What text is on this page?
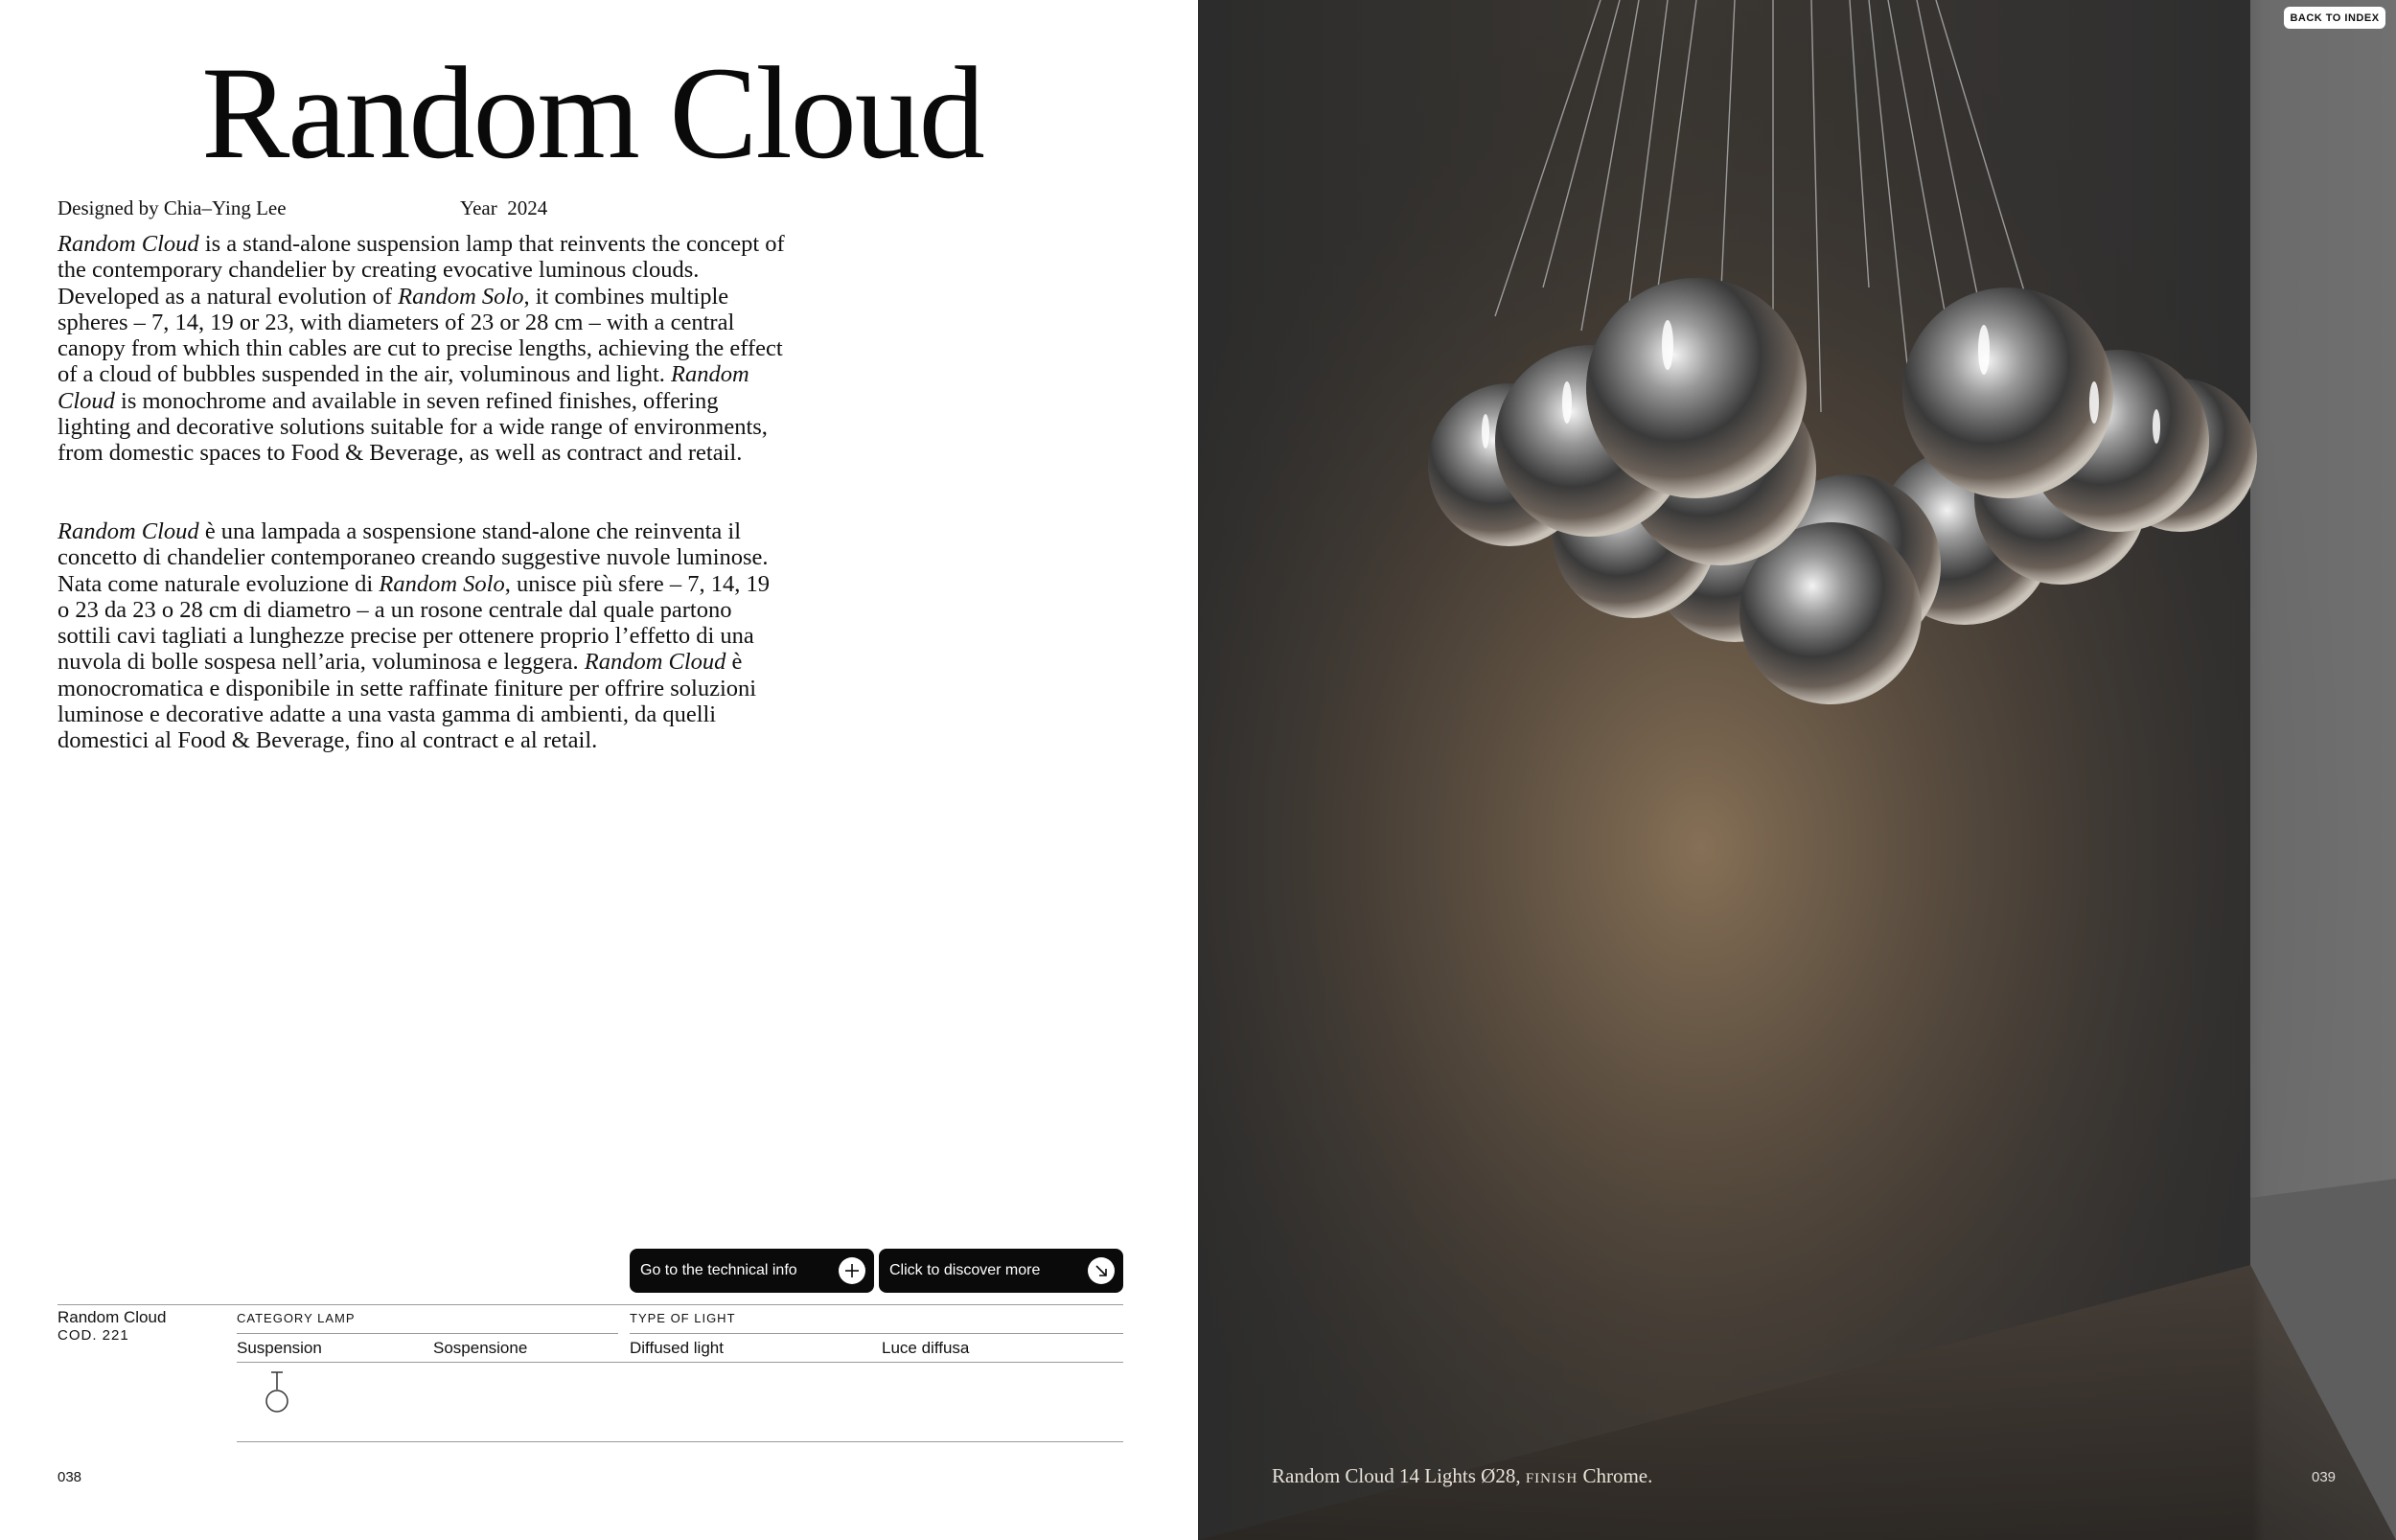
Random Cloud
Designed by Chia–Ying Lee	Year  2024

Random Cloud is a stand-alone suspension lamp that reinvents the concept of the contemporary chandelier by creating evocative luminous clouds. Developed as a natural evolution of Random Solo, it combines multiple spheres – 7, 14, 19 or 23, with diameters of 23 or 28 cm – with a central canopy from which thin cables are cut to precise lengths, achieving the effect of a cloud of bubbles suspended in the air, voluminous and light. Random Cloud is monochrome and available in seven refined finishes, offering lighting and decorative solutions suitable for a wide range of environments, from domestic spaces to Food & Beverage, as well as contract and retail.

Random Cloud è una lampada a sospensione stand-alone che reinventa il concetto di chandelier contemporaneo creando suggestive nuvole luminose. Nata come naturale evoluzione di Random Solo, unisce più sfere – 7, 14, 19 o 23 da 23 o 28 cm di diametro – a un rosone centrale dal quale partono sottili cavi tagliati a lunghezze precise per ottenere proprio l’effetto di una nuvola di bolle sospesa nell’aria, voluminosa e leggera. Random Cloud è monocromatica e disponibile in sette raffinate finiture per offrire soluzioni luminose e decorative adatte a una vasta gamma di ambienti, da quelli domestici al Food & Beverage, fino al contract e al retail.

Go to the technical info	Click to discover more
Random Cloud
COD. 221
CATEGORY LAMP	TYPE OF LIGHT
Suspension	Sospensione	Diffused light	Luce diffusa
038
BACK TO INDEX
Random Cloud 14 Lights Ø28, finish Chrome.	039
